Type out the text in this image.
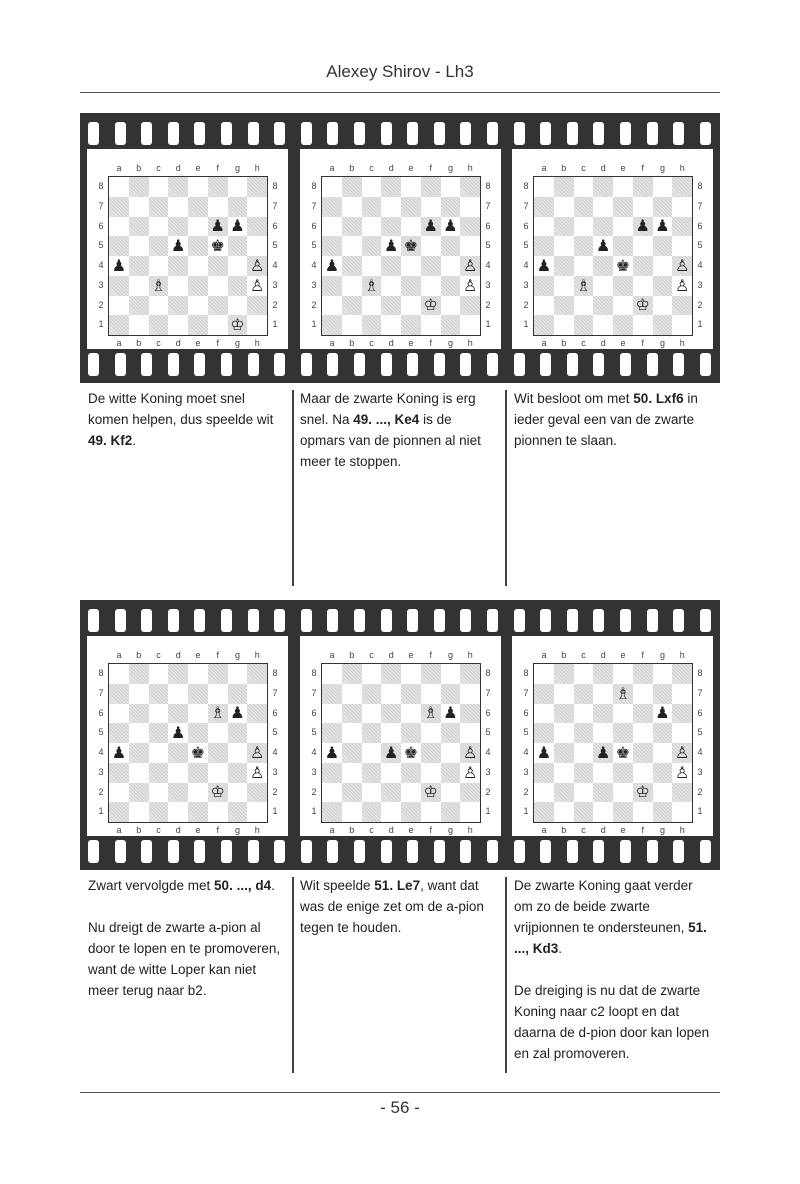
Alexey Shirov - Lh3
a
a
b
b
c
c
d
d
e
e
f
f
g
g
h
h
8	8
7	7
6	6
5	5
4	4
3	3
2	2
1	1
♟ ♟
♟ ♚
♟	♙
♗	♙
♔
a
a
b
b
c
c
d
d
e
e
f
f
g
g
h
h
8	8
7	7
6	6
5	5
4	4
3	3
2	2
1	1
♟ ♟
♟ ♚
♟	♙
♗	♙
♔
a
a
b
b
c
c
d
d
e
e
f
f
g
g
h
h
8	8
7	7
6	6
5	5
4	4
3	3
2	2
1	1
♟ ♟
♟
♟	♚	♙
♗	♙
♔

De witte Koning moet snel komen helpen, dus speelde wit 49. Kf2.

Maar de zwarte Koning is erg snel. Na 49. ..., Ke4 is de opmars van de pionnen al niet meer te stoppen.

Wit besloot om met 50. Lxf6 in ieder geval een van de zwarte pionnen te slaan.

a
a
b
b
c
c
d
d
e
e
f
f
g
g
h
h
8	8
7	7
6	6
5	5
4	4
3	3
2	2
1	1
♗ ♟
♟
♟	♚	♙
♙
♔
a
a
b
b
c
c
d
d
e
e
f
f
g
g
h
h
8	8
7	7
6	6
5	5
4	4
3	3
2	2
1	1
♗ ♟
♟	♟ ♚	♙
♙
♔
a
a
b
b
c
c
d
d
e
e
f
f
g
g
h
h
8	8
7	7
6	6
5	5
4	4
3	3
2	2
1	1
♗
♟
♟	♟ ♚	♙
♙
♔

Zwart vervolgde met 50. ..., d4.

Nu dreigt de zwarte a-pion al door te lopen en te promoveren, want de witte Loper kan niet meer terug naar b2.

Wit speelde 51. Le7, want dat was de enige zet om de a-pion tegen te houden.

De zwarte Koning gaat verder om zo de beide zwarte vrijpionnen te ondersteunen, 51. ..., Kd3.

De dreiging is nu dat de zwarte Koning naar c2 loopt en dat daarna de d-pion door kan lopen en zal promoveren.

- 56 -
